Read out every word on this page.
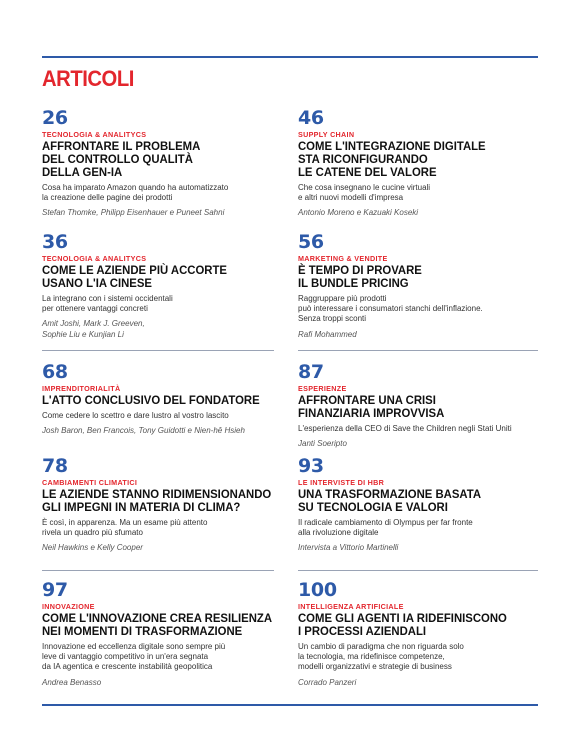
ARTICOLI
26
TECNOLOGIA & ANALITYCS
AFFRONTARE IL PROBLEMA
DEL CONTROLLO QUALITÀ
DELLA GEN-IA
Cosa ha imparato Amazon quando ha automatizzato
la creazione delle pagine dei prodotti
Stefan Thomke, Philipp Eisenhauer e Puneet Sahni
46
SUPPLY CHAIN
COME L'INTEGRAZIONE DIGITALE
STA RICONFIGURANDO
LE CATENE DEL VALORE
Che cosa insegnano le cucine virtuali
e altri nuovi modelli d'impresa
Antonio Moreno e Kazuaki Koseki
36
TECNOLOGIA & ANALITYCS
COME LE AZIENDE PIÙ ACCORTE
USANO L'IA CINESE
La integrano con i sistemi occidentali
per ottenere vantaggi concreti
Amit Joshi, Mark J. Greeven,
Sophie Liu e Kunjian Li
56
MARKETING & VENDITE
È TEMPO DI PROVARE
IL BUNDLE PRICING
Raggruppare più prodotti
può interessare i consumatori stanchi dell'inflazione.
Senza troppi sconti
Rafi Mohammed
68
IMPRENDITORIALITÀ
L'ATTO CONCLUSIVO DEL FONDATORE
Come cedere lo scettro e dare lustro al vostro lascito
Josh Baron, Ben Francois, Tony Guidotti e Nien-hê Hsieh
87
ESPERIENZE
AFFRONTARE UNA CRISI
FINANZIARIA IMPROVVISA
L'esperienza della CEO di Save the Children negli Stati Uniti
Janti Soeripto
78
CAMBIAMENTI CLIMATICI
LE AZIENDE STANNO RIDIMENSIONANDO
GLI IMPEGNI IN MATERIA DI CLIMA?
È così, in apparenza. Ma un esame più attento
rivela un quadro più sfumato
Neil Hawkins e Kelly Cooper
93
LE INTERVISTE DI HBR
UNA TRASFORMAZIONE BASATA
SU TECNOLOGIA E VALORI
Il radicale cambiamento di Olympus per far fronte
alla rivoluzione digitale
Intervista a Vittorio Martinelli
97
INNOVAZIONE
COME L'INNOVAZIONE CREA RESILIENZA
NEI MOMENTI DI TRASFORMAZIONE
Innovazione ed eccellenza digitale sono sempre più
leve di vantaggio competitivo in un'era segnata
da IA agentica e crescente instabilità geopolitica
Andrea Benasso
100
INTELLIGENZA ARTIFICIALE
COME GLI AGENTI IA RIDEFINISCONO
I PROCESSI AZIENDALI
Un cambio di paradigma che non riguarda solo
la tecnologia, ma ridefinisce competenze,
modelli organizzativi e strategie di business
Corrado Panzeri
